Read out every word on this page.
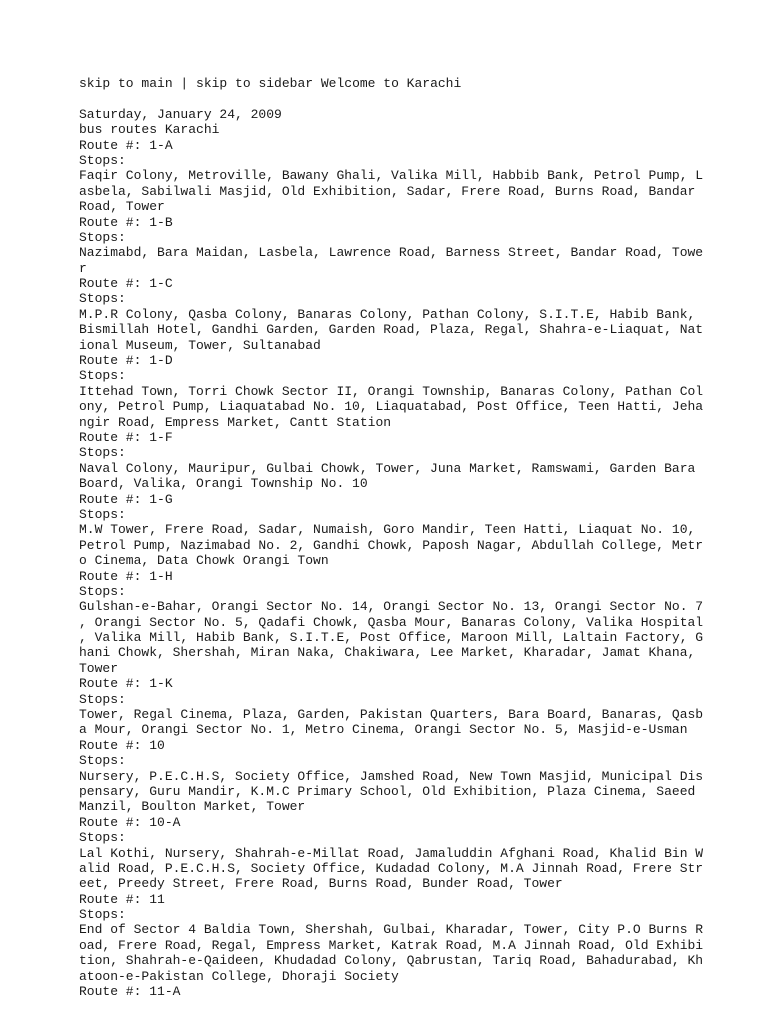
skip to main | skip to sidebar Welcome to Karachi
Saturday, January 24, 2009
bus routes Karachi
Route #: 1-A
Stops:
Faqir Colony, Metroville, Bawany Ghali, Valika Mill, Habbib Bank, Petrol Pump, L
asbela, Sabilwali Masjid, Old Exhibition, Sadar, Frere Road, Burns Road, Bandar
Road, Tower
Route #: 1-B
Stops:
Nazimabd, Bara Maidan, Lasbela, Lawrence Road, Barness Street, Bandar Road, Towe
r
Route #: 1-C
Stops:
M.P.R Colony, Qasba Colony, Banaras Colony, Pathan Colony, S.I.T.E, Habib Bank,
Bismillah Hotel, Gandhi Garden, Garden Road, Plaza, Regal, Shahra-e-Liaquat, Nat
ional Museum, Tower, Sultanabad
Route #: 1-D
Stops:
Ittehad Town, Torri Chowk Sector II, Orangi Township, Banaras Colony, Pathan Col
ony, Petrol Pump, Liaquatabad No. 10, Liaquatabad, Post Office, Teen Hatti, Jeha
ngir Road, Empress Market, Cantt Station
Route #: 1-F
Stops:
Naval Colony, Mauripur, Gulbai Chowk, Tower, Juna Market, Ramswami, Garden Bara
Board, Valika, Orangi Township No. 10
Route #: 1-G
Stops:
M.W Tower, Frere Road, Sadar, Numaish, Goro Mandir, Teen Hatti, Liaquat No. 10,
Petrol Pump, Nazimabad No. 2, Gandhi Chowk, Paposh Nagar, Abdullah College, Metr
o Cinema, Data Chowk Orangi Town
Route #: 1-H
Stops:
Gulshan-e-Bahar, Orangi Sector No. 14, Orangi Sector No. 13, Orangi Sector No. 7
, Orangi Sector No. 5, Qadafi Chowk, Qasba Mour, Banaras Colony, Valika Hospital
, Valika Mill, Habib Bank, S.I.T.E, Post Office, Maroon Mill, Laltain Factory, G
hani Chowk, Shershah, Miran Naka, Chakiwara, Lee Market, Kharadar, Jamat Khana,
Tower
Route #: 1-K
Stops:
Tower, Regal Cinema, Plaza, Garden, Pakistan Quarters, Bara Board, Banaras, Qasb
a Mour, Orangi Sector No. 1, Metro Cinema, Orangi Sector No. 5, Masjid-e-Usman
Route #: 10
Stops:
Nursery, P.E.C.H.S, Society Office, Jamshed Road, New Town Masjid, Municipal Dis
pensary, Guru Mandir, K.M.C Primary School, Old Exhibition, Plaza Cinema, Saeed
Manzil, Boulton Market, Tower
Route #: 10-A
Stops:
Lal Kothi, Nursery, Shahrah-e-Millat Road, Jamaluddin Afghani Road, Khalid Bin W
alid Road, P.E.C.H.S, Society Office, Kudadad Colony, M.A Jinnah Road, Frere Str
eet, Preedy Street, Frere Road, Burns Road, Bunder Road, Tower
Route #: 11
Stops:
End of Sector 4 Baldia Town, Shershah, Gulbai, Kharadar, Tower, City P.O Burns R
oad, Frere Road, Regal, Empress Market, Katrak Road, M.A Jinnah Road, Old Exhibi
tion, Shahrah-e-Qaideen, Khudadad Colony, Qabrustan, Tariq Road, Bahadurabad, Kh
atoon-e-Pakistan College, Dhoraji Society
Route #: 11-A
